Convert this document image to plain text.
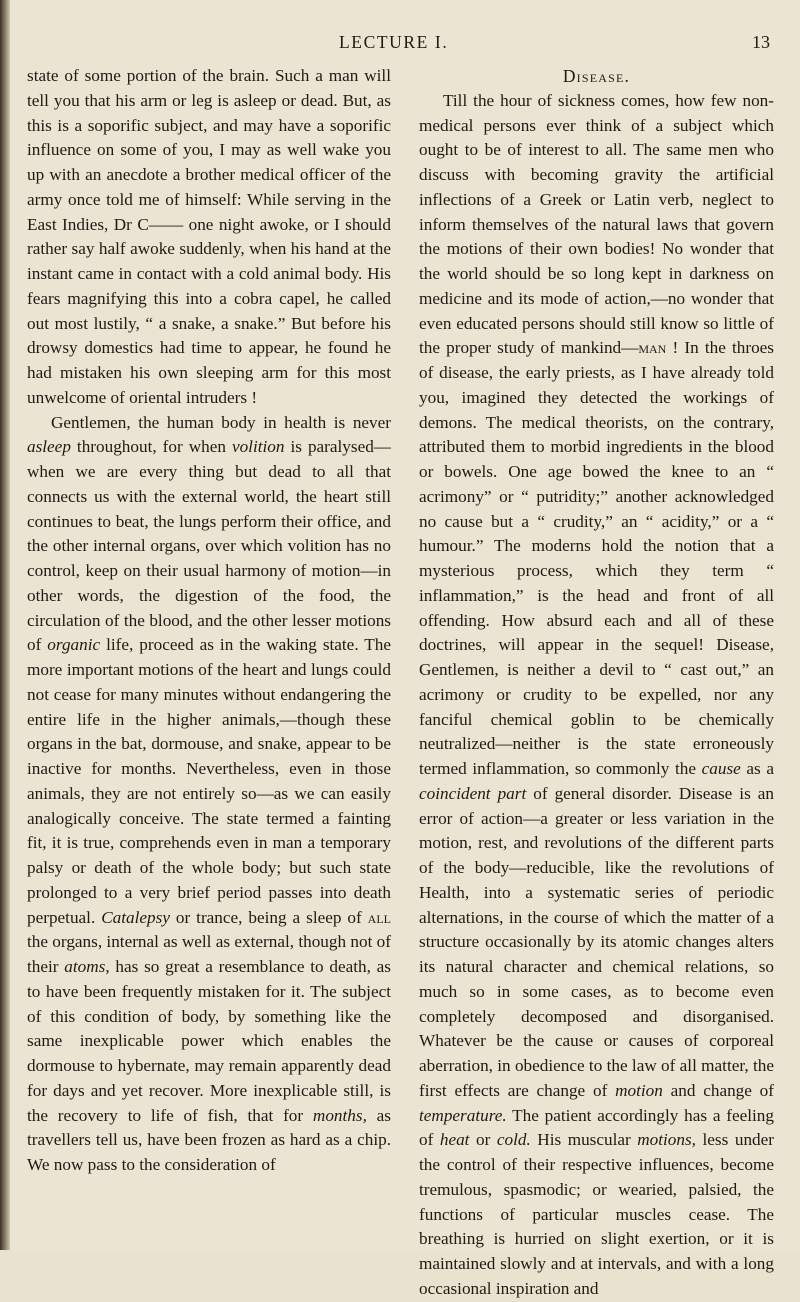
LECTURE I.	13

state of some portion of the brain. Such a man will tell you that his arm or leg is asleep or dead. But, as this is a soporific subject, and may have a soporific influence on some of you, I may as well wake you up with an anecdote a brother medical officer of the army once told me of himself: While serving in the East Indies, Dr C—— one night awoke, or I should rather say half awoke suddenly, when his hand at the instant came in contact with a cold animal body. His fears magnifying this into a cobra capel, he called out most lustily, “ a snake, a snake.” But before his drowsy domestics had time to appear, he found he had mistaken his own sleeping arm for this most unwelcome of oriental intruders !

Gentlemen, the human body in health is never asleep throughout, for when volition is paralysed—when we are every thing but dead to all that connects us with the external world, the heart still continues to beat, the lungs perform their office, and the other internal organs, over which volition has no control, keep on their usual harmony of motion—in other words, the digestion of the food, the circulation of the blood, and the other lesser motions of organic life, proceed as in the waking state. The more important motions of the heart and lungs could not cease for many minutes without endangering the entire life in the higher animals,—though these organs in the bat, dormouse, and snake, appear to be inactive for months. Nevertheless, even in those animals, they are not entirely so—as we can easily analogically conceive. The state termed a fainting fit, it is true, comprehends even in man a temporary palsy or death of the whole body; but such state prolonged to a very brief period passes into death perpetual. Catalepsy or trance, being a sleep of all the organs, internal as well as external, though not of their atoms, has so great a resemblance to death, as to have been frequently mistaken for it. The subject of this condition of body, by something like the same inexplicable power which enables the dormouse to hybernate, may remain apparently dead for days and yet recover. More inexplicable still, is the recovery to life of fish, that for months, as travellers tell us, have been frozen as hard as a chip. We now pass to the consideration of

Disease.

Till the hour of sickness comes, how few non-medical persons ever think of a subject which ought to be of interest to all. The same men who discuss with becoming gravity the artificial inflections of a Greek or Latin verb, neglect to inform themselves of the natural laws that govern the motions of their own bodies! No wonder that the world should be so long kept in darkness on medicine and its mode of action,—no wonder that even educated persons should still know so little of the proper study of mankind—man ! In the throes of disease, the early priests, as I have already told you, imagined they detected the workings of demons. The medical theorists, on the contrary, attributed them to morbid ingredients in the blood or bowels. One age bowed the knee to an “ acrimony” or “ putridity;” another acknowledged no cause but a “ crudity,” an “ acidity,” or a “ humour.” The moderns hold the notion that a mysterious process, which they term “ inflammation,” is the head and front of all offending. How absurd each and all of these doctrines, will appear in the sequel! Disease, Gentlemen, is neither a devil to “ cast out,” an acrimony or crudity to be expelled, nor any fanciful chemical goblin to be chemically neutralized—neither is the state erroneously termed inflammation, so commonly the cause as a coincident part of general disorder. Disease is an error of action—a greater or less variation in the motion, rest, and revolutions of the different parts of the body—reducible, like the revolutions of Health, into a systematic series of periodic alternations, in the course of which the matter of a structure occasionally by its atomic changes alters its natural character and chemical relations, so much so in some cases, as to become even completely decomposed and disorganised. Whatever be the cause or causes of corporeal aberration, in obedience to the law of all matter, the first effects are change of motion and change of temperature. The patient accordingly has a feeling of heat or cold. His muscular motions, less under the control of their respective influences, become tremulous, spasmodic; or wearied, palsied, the functions of particular muscles cease. The breathing is hurried on slight exertion, or it is maintained slowly and at intervals, and with a long occasional inspiration and
